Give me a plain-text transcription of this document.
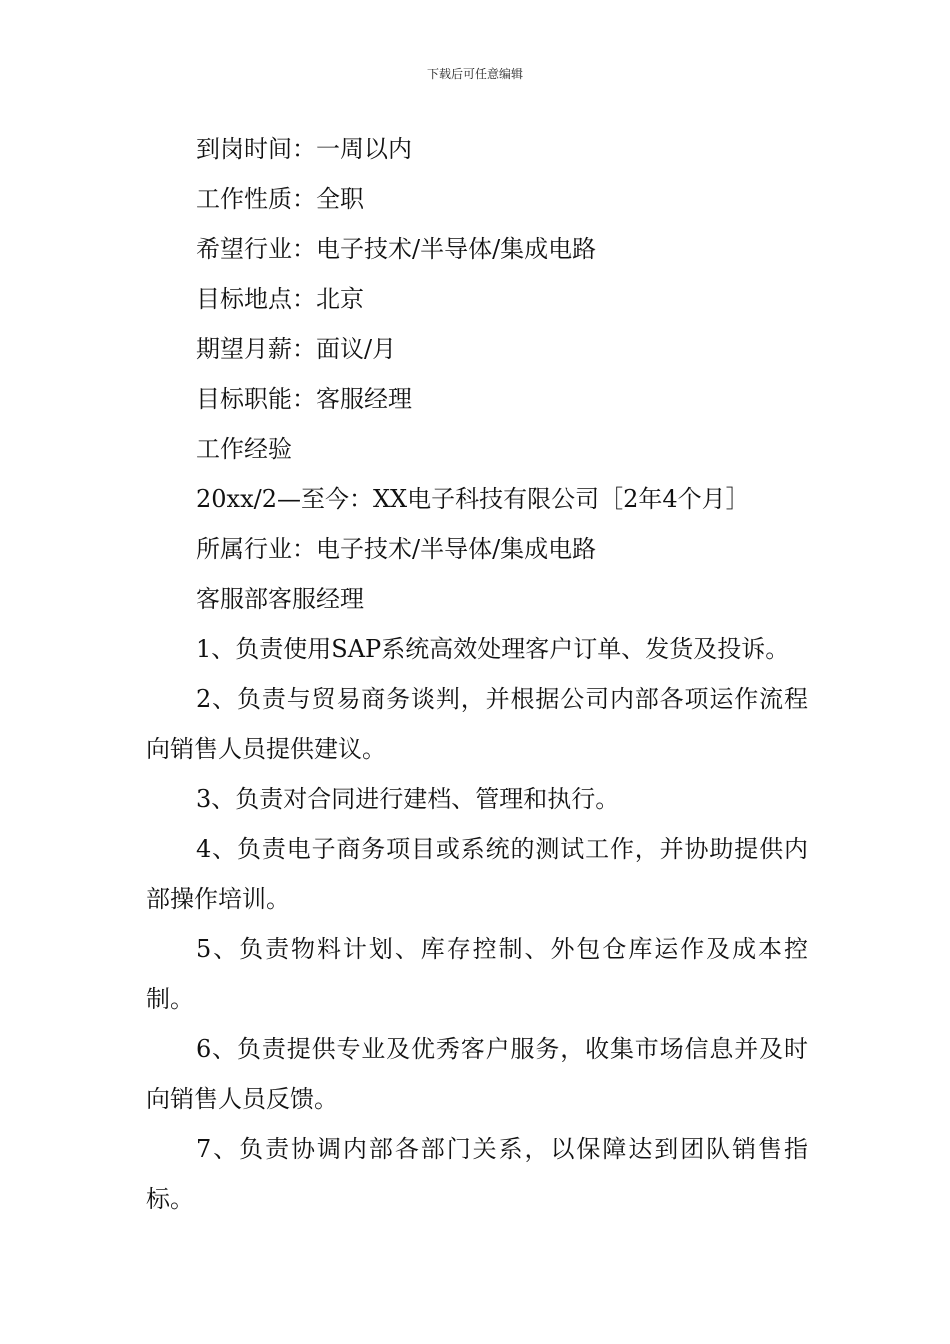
下载后可任意编辑
到岗时间：一周以内
工作性质：全职
希望行业：电子技术/半导体/集成电路
目标地点：北京
期望月薪：面议/月
目标职能：客服经理
工作经验
20xx/2—至今：XX电子科技有限公司［2年4个月］
所属行业：电子技术/半导体/集成电路
客服部客服经理
1、负责使用SAP系统高效处理客户订单、发货及投诉。
2、负责与贸易商务谈判，并根据公司内部各项运作流程向销售人员提供建议。
3、负责对合同进行建档、管理和执行。
4、负责电子商务项目或系统的测试工作，并协助提供内部操作培训。
5、负责物料计划、库存控制、外包仓库运作及成本控制。
6、负责提供专业及优秀客户服务，收集市场信息并及时向销售人员反馈。
7、负责协调内部各部门关系，以保障达到团队销售指标。
